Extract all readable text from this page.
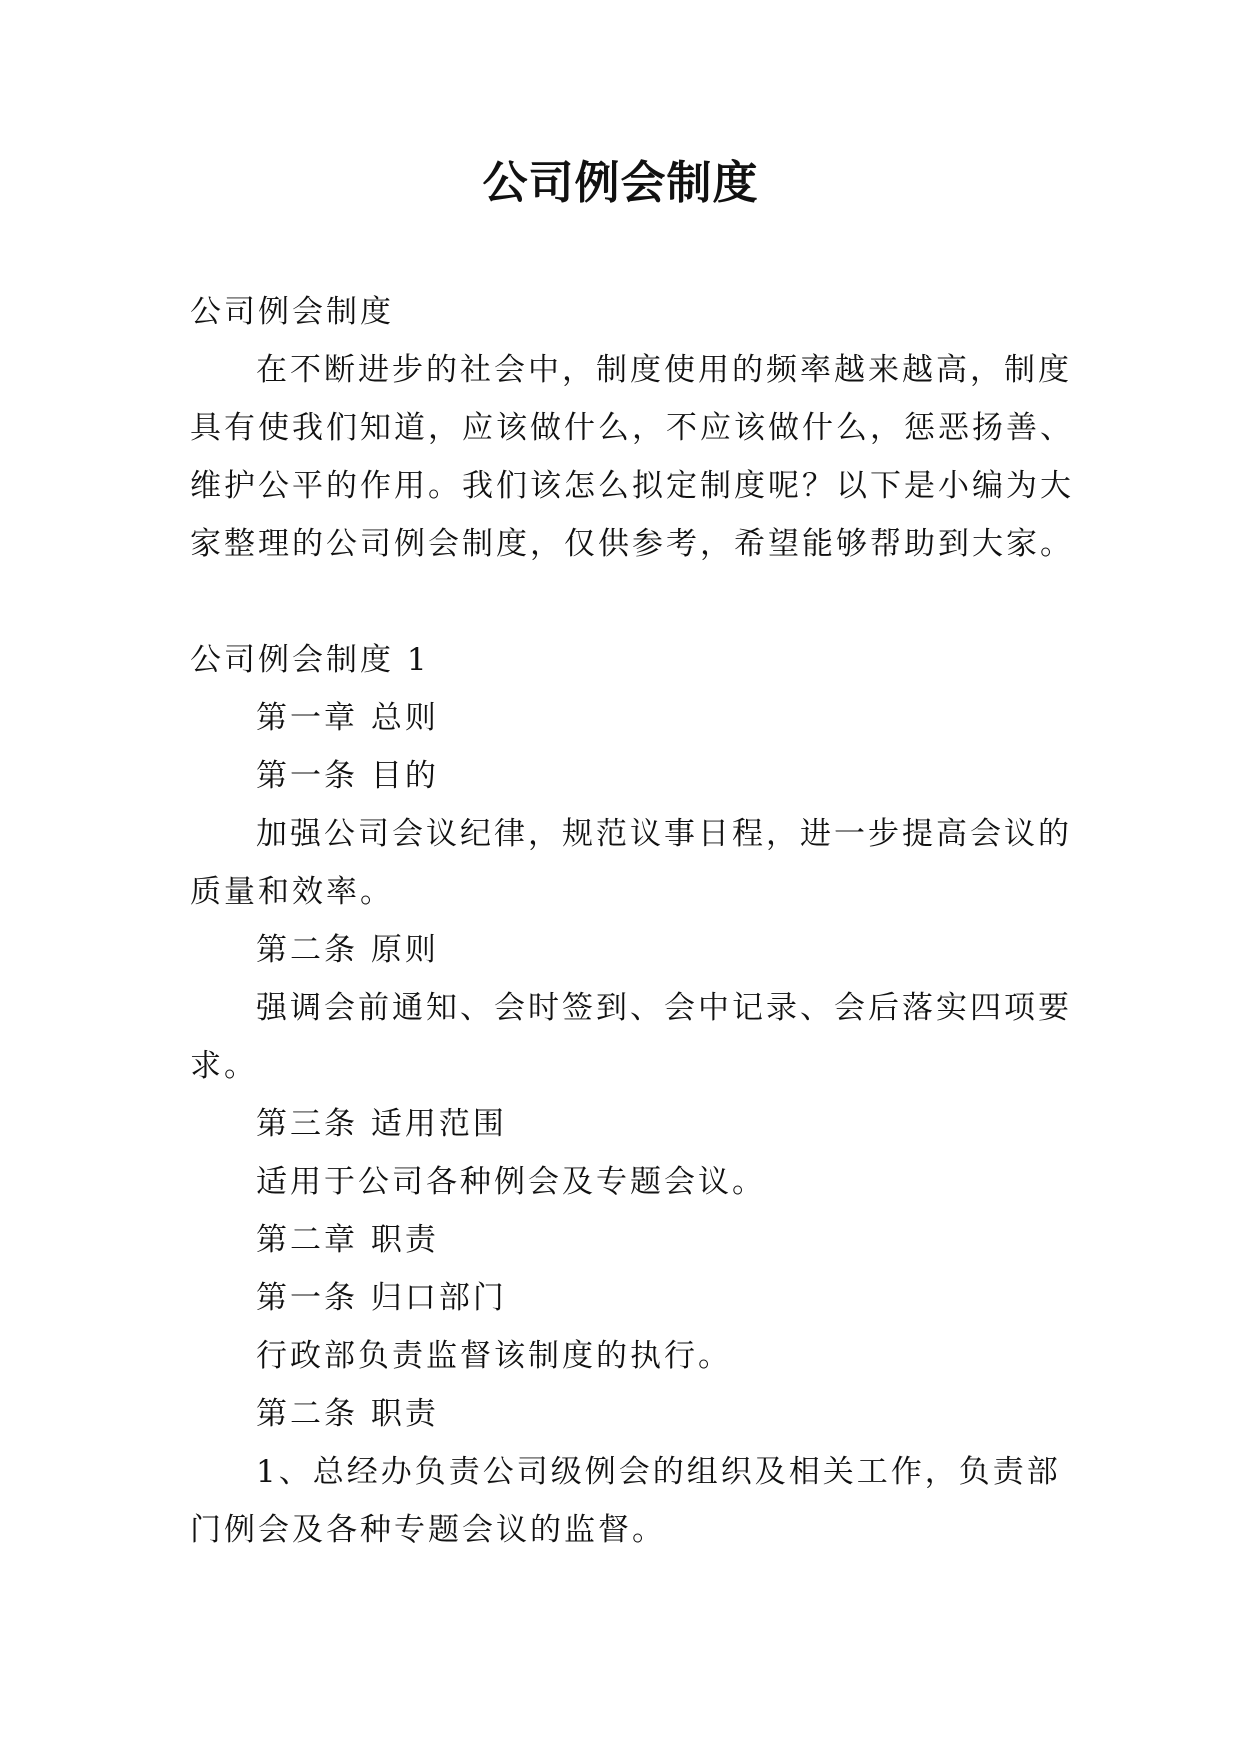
公司例会制度

公司例会制度

在不断进步的社会中，制度使用的频率越来越高，制度

具有使我们知道，应该做什么，不应该做什么，惩恶扬善、

维护公平的作用。我们该怎么拟定制度呢？以下是小编为大

家整理的公司例会制度，仅供参考，希望能够帮助到大家。

公司例会制度 1

第一章 总则

第一条 目的

加强公司会议纪律，规范议事日程，进一步提高会议的

质量和效率。

第二条 原则

强调会前通知、会时签到、会中记录、会后落实四项要

求。

第三条 适用范围

适用于公司各种例会及专题会议。

第二章 职责

第一条 归口部门

行政部负责监督该制度的执行。

第二条 职责

1、总经办负责公司级例会的组织及相关工作，负责部

门例会及各种专题会议的监督。
